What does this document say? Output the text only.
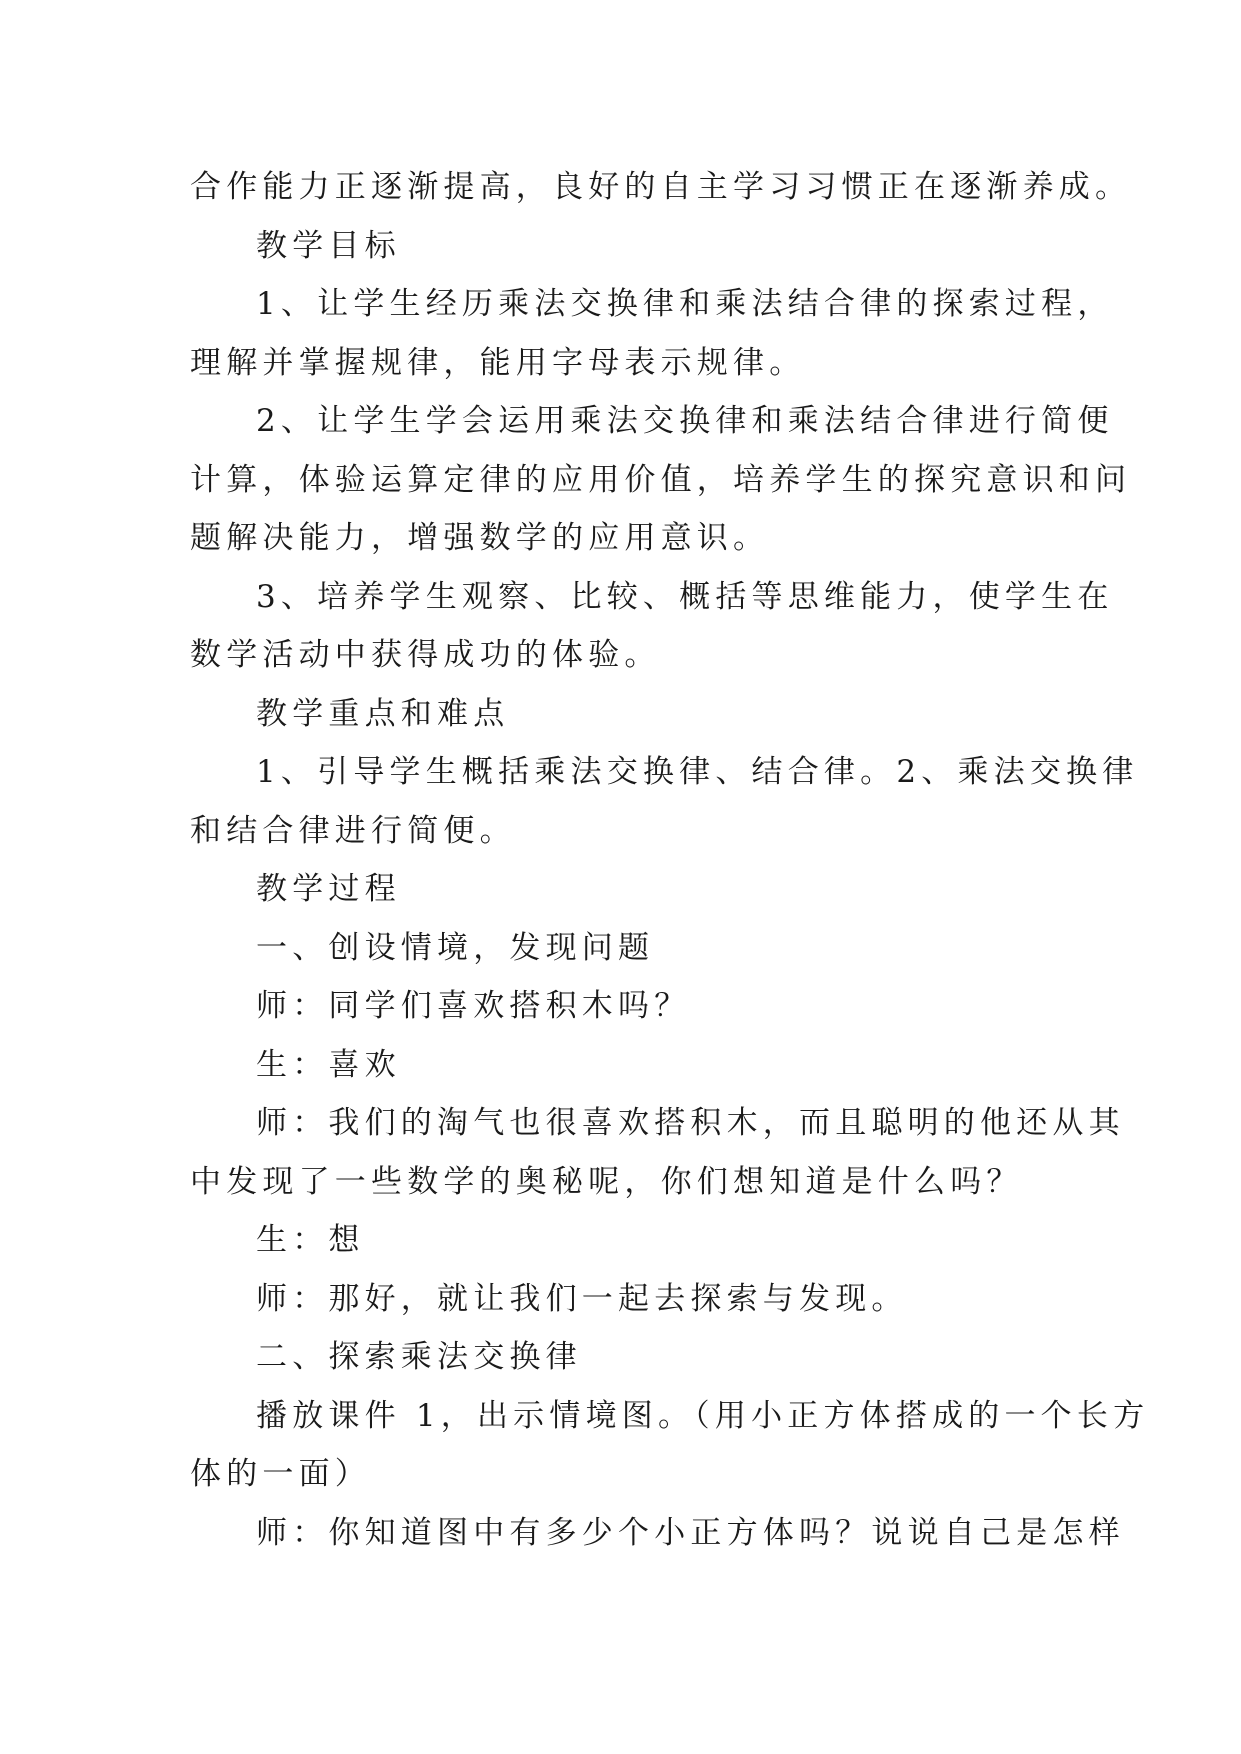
合作能力正逐渐提高，良好的自主学习习惯正在逐渐养成。
教学目标
1、让学生经历乘法交换律和乘法结合律的探索过程，
理解并掌握规律，能用字母表示规律。
2、让学生学会运用乘法交换律和乘法结合律进行简便
计算，体验运算定律的应用价值，培养学生的探究意识和问
题解决能力，增强数学的应用意识。
3、培养学生观察、比较、概括等思维能力，使学生在
数学活动中获得成功的体验。
教学重点和难点
1、引导学生概括乘法交换律、结合律。2、乘法交换律
和结合律进行简便。
教学过程
一、创设情境，发现问题
师：同学们喜欢搭积木吗？
生：喜欢
师：我们的淘气也很喜欢搭积木，而且聪明的他还从其
中发现了一些数学的奥秘呢，你们想知道是什么吗？
生：想
师：那好，就让我们一起去探索与发现。
二、探索乘法交换律
播放课件 1，出示情境图。（用小正方体搭成的一个长方
体的一面）
师：你知道图中有多少个小正方体吗？说说自己是怎样
